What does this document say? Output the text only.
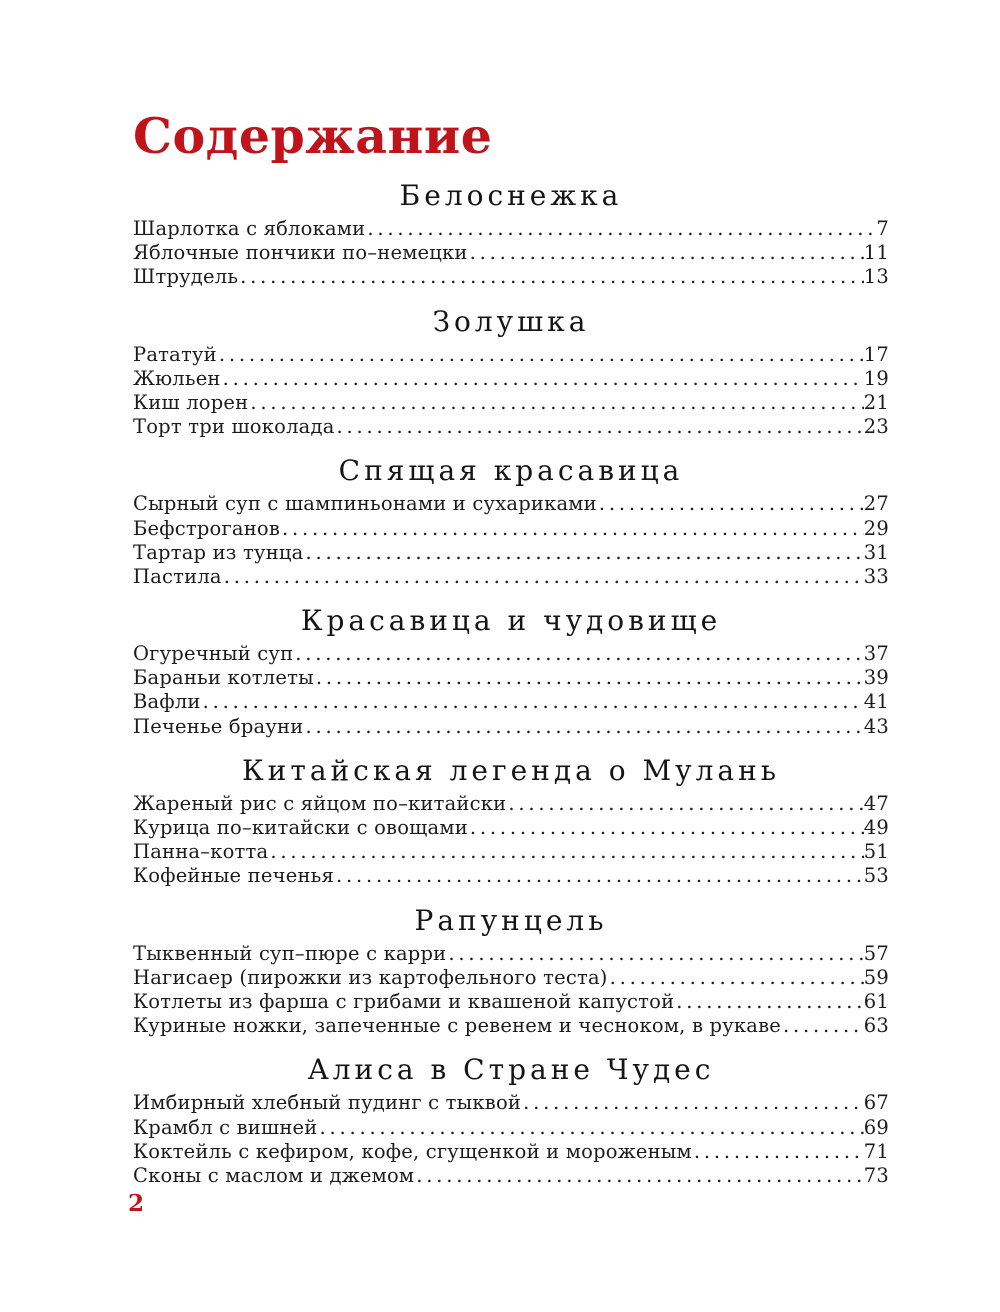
Содержание
Белоснежка
Шарлотка с яблоками . . .	7
Яблочные пончики по–немецки . . .	11
Штрудель . . .	13
Золушка
Рататуй . . .	17
Жюльен . . .	19
Киш лорен . . .	21
Торт три шоколада . . .	23
Спящая красавица
Сырный суп с шампиньонами и сухариками . . .	27
Бефстроганов . . .	29
Тартар из тунца . . .	31
Пастила . . .	33
Красавица и чудовище
Огуречный суп . . .	37
Бараньи котлеты . . .	39
Вафли . . .	41
Печенье брауни . . .	43
Китайская легенда о Мулань
Жареный рис с яйцом по–китайски . . .	47
Курица по–китайски с овощами . . .	49
Панна–котта . . .	51
Кофейные печенья . . .	53
Рапунцель
Тыквенный суп–пюре с карри . . .	57
Нагисаер (пирожки из картофельного теста) . . .	59
Котлеты из фарша с грибами и квашеной капустой . . .	61
Куриные ножки, запеченные с ревенем и чесноком, в рукаве . . .	63
Алиса в Стране Чудес
Имбирный хлебный пудинг с тыквой . . .	67
Крамбл с вишней . . .	69
Коктейль с кефиром, кофе, сгущенкой и мороженым . . .	71
Сконы с маслом и джемом . . .	73
2
